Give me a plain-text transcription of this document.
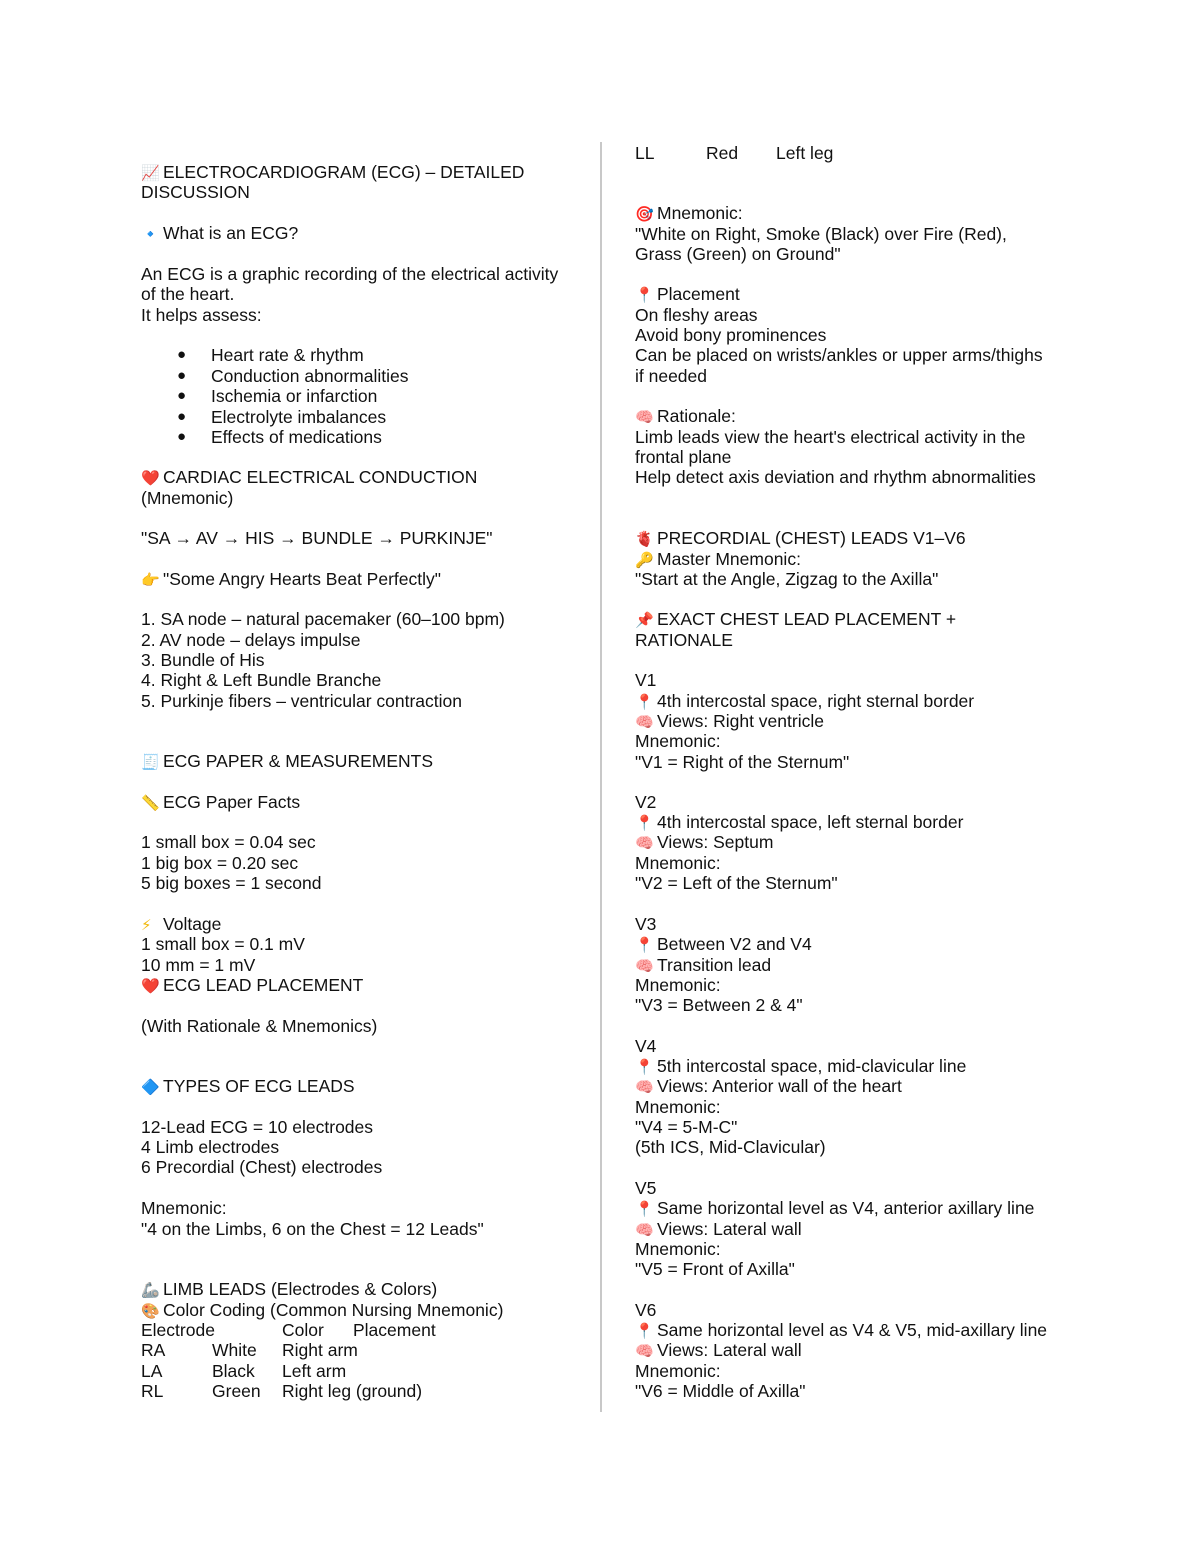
📈 ELECTROCARDIOGRAM (ECG) – DETAILED
DISCUSSION
🔹 What is an ECG?
An ECG is a graphic recording of the electrical activity
of the heart.
It helps assess:
● Heart rate & rhythm
● Conduction abnormalities
● Ischemia or infarction
● Electrolyte imbalances
● Effects of medications
❤️ CARDIAC ELECTRICAL CONDUCTION
(Mnemonic)
"SA → AV → HIS → BUNDLE → PURKINJE"
👉 "Some Angry Hearts Beat Perfectly"
1. SA node – natural pacemaker (60–100 bpm)
2. AV node – delays impulse
3. Bundle of His
4. Right & Left Bundle Branche
5. Purkinje fibers – ventricular contraction
🧾 ECG PAPER & MEASUREMENTS
📏 ECG Paper Facts
1 small box = 0.04 sec
1 big box = 0.20 sec
5 big boxes = 1 second
⚡ Voltage
1 small box = 0.1 mV
10 mm = 1 mV
❤️ ECG LEAD PLACEMENT
(With Rationale & Mnemonics)
🔷 TYPES OF ECG LEADS
12-Lead ECG = 10 electrodes
4 Limb electrodes
6 Precordial (Chest) electrodes
Mnemonic:
"4 on the Limbs, 6 on the Chest = 12 Leads"
🦾 LIMB LEADS (Electrodes & Colors)
🎨 Color Coding (Common Nursing Mnemonic)
Electrode	Color Placement
RA	White Right arm
LA	Black Left arm
RL	Green Right leg (ground)
LL	Red Left leg
🎯 Mnemonic:
"White on Right, Smoke (Black) over Fire (Red),
Grass (Green) on Ground"
📍 Placement
On fleshy areas
Avoid bony prominences
Can be placed on wrists/ankles or upper arms/thighs
if needed
🧠 Rationale:
Limb leads view the heart's electrical activity in the
frontal plane
Help detect axis deviation and rhythm abnormalities
🫀 PRECORDIAL (CHEST) LEADS V1–V6
🔑 Master Mnemonic:
"Start at the Angle, Zigzag to the Axilla"
📌 EXACT CHEST LEAD PLACEMENT +
RATIONALE
V1
📍 4th intercostal space, right sternal border
🧠 Views: Right ventricle
Mnemonic:
"V1 = Right of the Sternum"
V2
📍 4th intercostal space, left sternal border
🧠 Views: Septum
Mnemonic:
"V2 = Left of the Sternum"
V3
📍 Between V2 and V4
🧠 Transition lead
Mnemonic:
"V3 = Between 2 & 4"
V4
📍 5th intercostal space, mid-clavicular line
🧠 Views: Anterior wall of the heart
Mnemonic:
"V4 = 5-M-C"
(5th ICS, Mid-Clavicular)
V5
📍 Same horizontal level as V4, anterior axillary line
🧠 Views: Lateral wall
Mnemonic:
"V5 = Front of Axilla"
V6
📍 Same horizontal level as V4 & V5, mid-axillary line
🧠 Views: Lateral wall
Mnemonic:
"V6 = Middle of Axilla"
